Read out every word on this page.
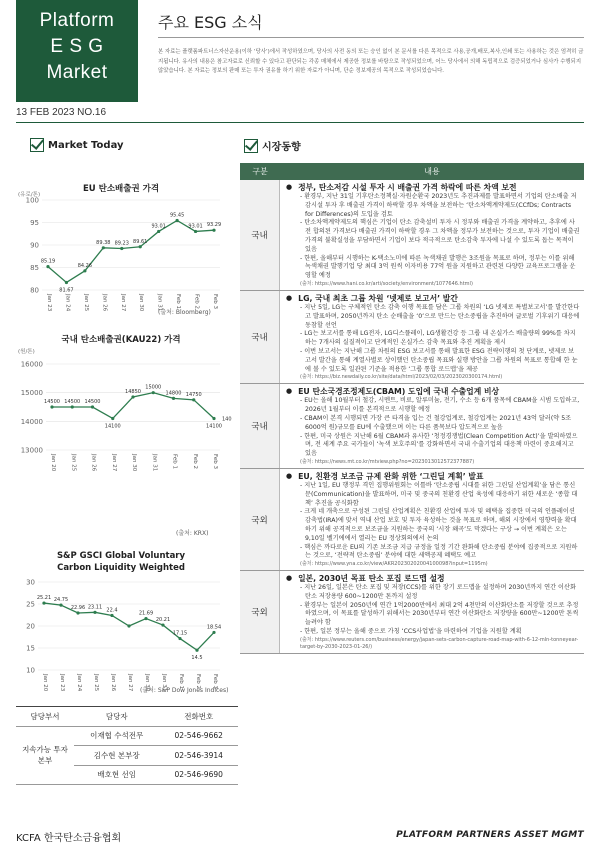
Platform
E S G
Market
13 FEB 2023 NO.16
주요 ESG 소식
본 자료는 플랫폼파트너스자산운용(이하 ‘당사’)에서 작성하였으며, 당사의 사전 동의 또는 승인 없이 본 문서를 다른 목적으로 사용,공개,배포,복사,인쇄 또는 사용하는 것은 엄격히 금지됩니다. 유사의 내용은 참고자료로 신뢰할 수 있다고 판단되는 각종 매체에서 제공한 정보를 바탕으로 작성되었으며, 어느 당사에서 의해 독립적으로 검증되었거나 심사가 수행되지 않았습니다. 본 자료는 정보의 판매 또는 투자 권유를 하기 위한 자료가 아니며, 단순 정보제공의 목적으로 작성되었습니다.
Market Today
EU 탄소배출권 가격
(유로/톤)
80
85
90
95
100
85.19
Jan 23
81.67
Jan 24
84.26
Jan 25
89.38
Jan 26
89.23
Jan 27
89.61
Jan 30
93.01
Jan 31
95.45
Feb 1
93.01
Feb 2
93.29
Feb 3
(출처: Bloomberg)
국내 탄소배출권(KAU22) 가격
(원/톤)
13000
14000
15000
16000
14500
Jan 20
14500
Jan 25
14500
Jan 26
14100
Jan 27
14850
Jan 30
15000
Jan 31
14800
Feb 1
14750
Feb 2
14100
Feb 3
140
(출처: KRX)
S&P GSCI Global Voluntary
Carbon Liquidity Weighted
10
15
20
25
30
25.21
Jan 20
24.75
Jan 23
22.96
Jan 24
23.11
Jan 25
22.4
Jan 26 Jan 27
21.69
Jan 30
20.21
Jan 31
17.15
Feb 1
14.5
Feb 2
18.54
Feb 3
(출처: S&P Dow Jones Indices)
담당부서	담당자	전화번호
지속가능 투자본부	이재협 수석전무	02-546-9662
	김수현 본부장	02-546-3914
	배호현 선임	02-546-9690
시장동향
구분	내용
국내
● 정부, 탄소저감 시설 투자 시 배출권 가격 하락에 따른 차액 보전
- 환경부, 지난 31일 기후탄소정책실·자원순환국 2023년도 추진과제를 발표하면서 기업의 탄소배출 저감시설 투자 후 배출권 가격이 하락할 경우 차액을 보전하는 ‘탄소차액계약제도(CCfDs; Contracts for Differences)의 도입을 검토
- 탄소차액계약제도의 핵심은 기업이 탄소 감축설비 투자 시 정부와 배출권 가격을 계약하고, 추후에 사전 합의된 가격보다 배출권 가격이 하락할 경우 그 차액을 정부가 보전하는 것으로, 투자 기업이 배출권 가격의 불확실성을 부담하면서 기업이 보다 적극적으로 탄소감축 투자에 나설 수 있도록 돕는 목적이 있음
- 한편, 올해부터 시행하는 K-택소노미에 따른 녹색채권 발행은 3조원을 목표로 하며, 정부는 이를 위해 녹색채권 발행기업 당 최대 3억 원씩 이자비용 77억 원을 지원하고 관련된 다양한 교육프로그램을 운영할 예정
(출처: https://www.hani.co.kr/arti/society/environment/1077646.html)
국내
● LG, 국내 최초 그룹 차원 ‘넷제로 보고서’ 발간
- 지난 5일, LG는 구체적인 탄소 감축 이행 목표를 담은 그룹 차원의 ‘LG 넷제로 특별보고서’를 발간한다고 발표하며, 2050년까지 탄소 순배출을 ‘0’으로 만드는 탄소중립을 추진하며 글로벌 기후위기 대응에 동참할 선언
- LG는 보고서를 통해 LG전자, LG디스플레이, LG생활건강 등 그룹 내 온실가스 배출량의 99%를 차지하는 7개사의 실질적이고 단계적인 온실가스 감축 목표와 추진 계획을 제시
- 이번 보고서는 지난해 그룹 차원의 ESG 보고서를 통해 발표한 ESG 전략이행의 첫 단계로, 넷제로 보고서 발간을 통해 계열사별로 상이했던 탄소중립 목표와 실행 방안을 그룹 차원의 목표로 통합해 한 눈에 볼 수 있도록 일관된 기준을 적용한 ‘그룹 통합 로드맵’을 제공
(출처: https://biz.newdaily.co.kr/site/data/html/2023/02/03/2023020300174.html)
국내
● EU 탄소국경조정제도(CBAM) 도입에 국내 수출업계 비상
- EU는 올해 10월부터 철강, 시멘트, 비료, 알루미늄, 전기, 수소 등 6개 품목에 CBAM을 시범 도입하고, 2026년 1월부터 이를 본격적으로 시행할 예정
- CBAM이 본격 시행되면 가장 큰 타격을 입는 건 철강업계로, 철강업계는 2021년 43억 달러(약 5조 6000억 원)규모를 EU에 수출했으며 이는 다른 품목보다 압도적으로 높음
- 한편, 미국 상원은 지난해 6월 CBAM과 유사한 ‘청정경쟁법(Clean Competition Act)’을 발의하였으며, 전 세계 주요 국가들이 ‘녹색 보호주의’를 강화하면서 국내 수출기업의 대응책 마련이 중요해지고 있음
(출처: https://news.mt.co.kr/mtview.php?no=2023013012572377887)
국외
● EU, 친환경 보조금 규제 완화 위한 ‘그린딜 계획’ 발표
- 지난 1일, EU 행정부 격인 집행위원회는 이틀바 ‘탄소중립 시대를 위한 그린딜 산업계획’을 담은 통신문(Communication)을 발표하며, 미국 및 중국의 친환경 산업 육성에 대응하기 위한 새로운 ‘종합 대책’ 추진을 공식화함
- 크게 네 개축으로 구성된 그린딜 산업계획은 친환경 산업에 투자 및 혜택을 집중한 미국의 인플레이션감축법(IRA)에 맞서 역내 산업 보호 및 투자 육성하는 것을 목표로 하며, 해외 시장에서 영향력을 확대하기 위해 공격적으로 보조금을 지원하는 중국의 ‘시장 왜곡’도 막겠다는 구상 → 이번 계획은 오는 9,10일 벨기에에서 열리는 EU 정상회의에서 논의
- 핵심은 까다로운 EU의 기존 보조금 지급 규정을 일정 기간 완화해 탄소중립 분야에 집중적으로 지원하는 것으로, ‘전략적 탄소중립’ 분야에 대한 세액공제 혜택도 예고
(출처: https://www.yna.co.kr/view/AKR20230202004100098?input=1195m)
국외
● 일본, 2030년 목표 탄소 포집 로드맵 설정
- 지난 26일, 일본은 탄소 포집 및 저장(CCS)를 위한 장기 로드맵을 설정하며 2030년까지 연간 이산화탄소 저장용량 600~1200만 톤까지 설정
- 환경부는 일본이 2050년에 연간 1억2000만에서 최대 2억 4천만의 이산화탄소를 저장할 것으로 추정하였으며, 이 목표를 달성하기 위해서는 2030년부터 연간 이산화탄소 저장량을 600만~1200만 톤씩 늘려야 함
- 한편, 일본 정부는 올해 중으로 가칭 ‘CCS사업법’을 마련하여 기업을 지원할 계획
(출처: https://www.reuters.com/business/energy/japan-sets-carbon-capture-road-map-with-6-12-mln-tonneyear-target-by-2030-2023-01-26/)
KCFA 한국탄소금융협회	PLATFORM PARTNERS ASSET MGMT
